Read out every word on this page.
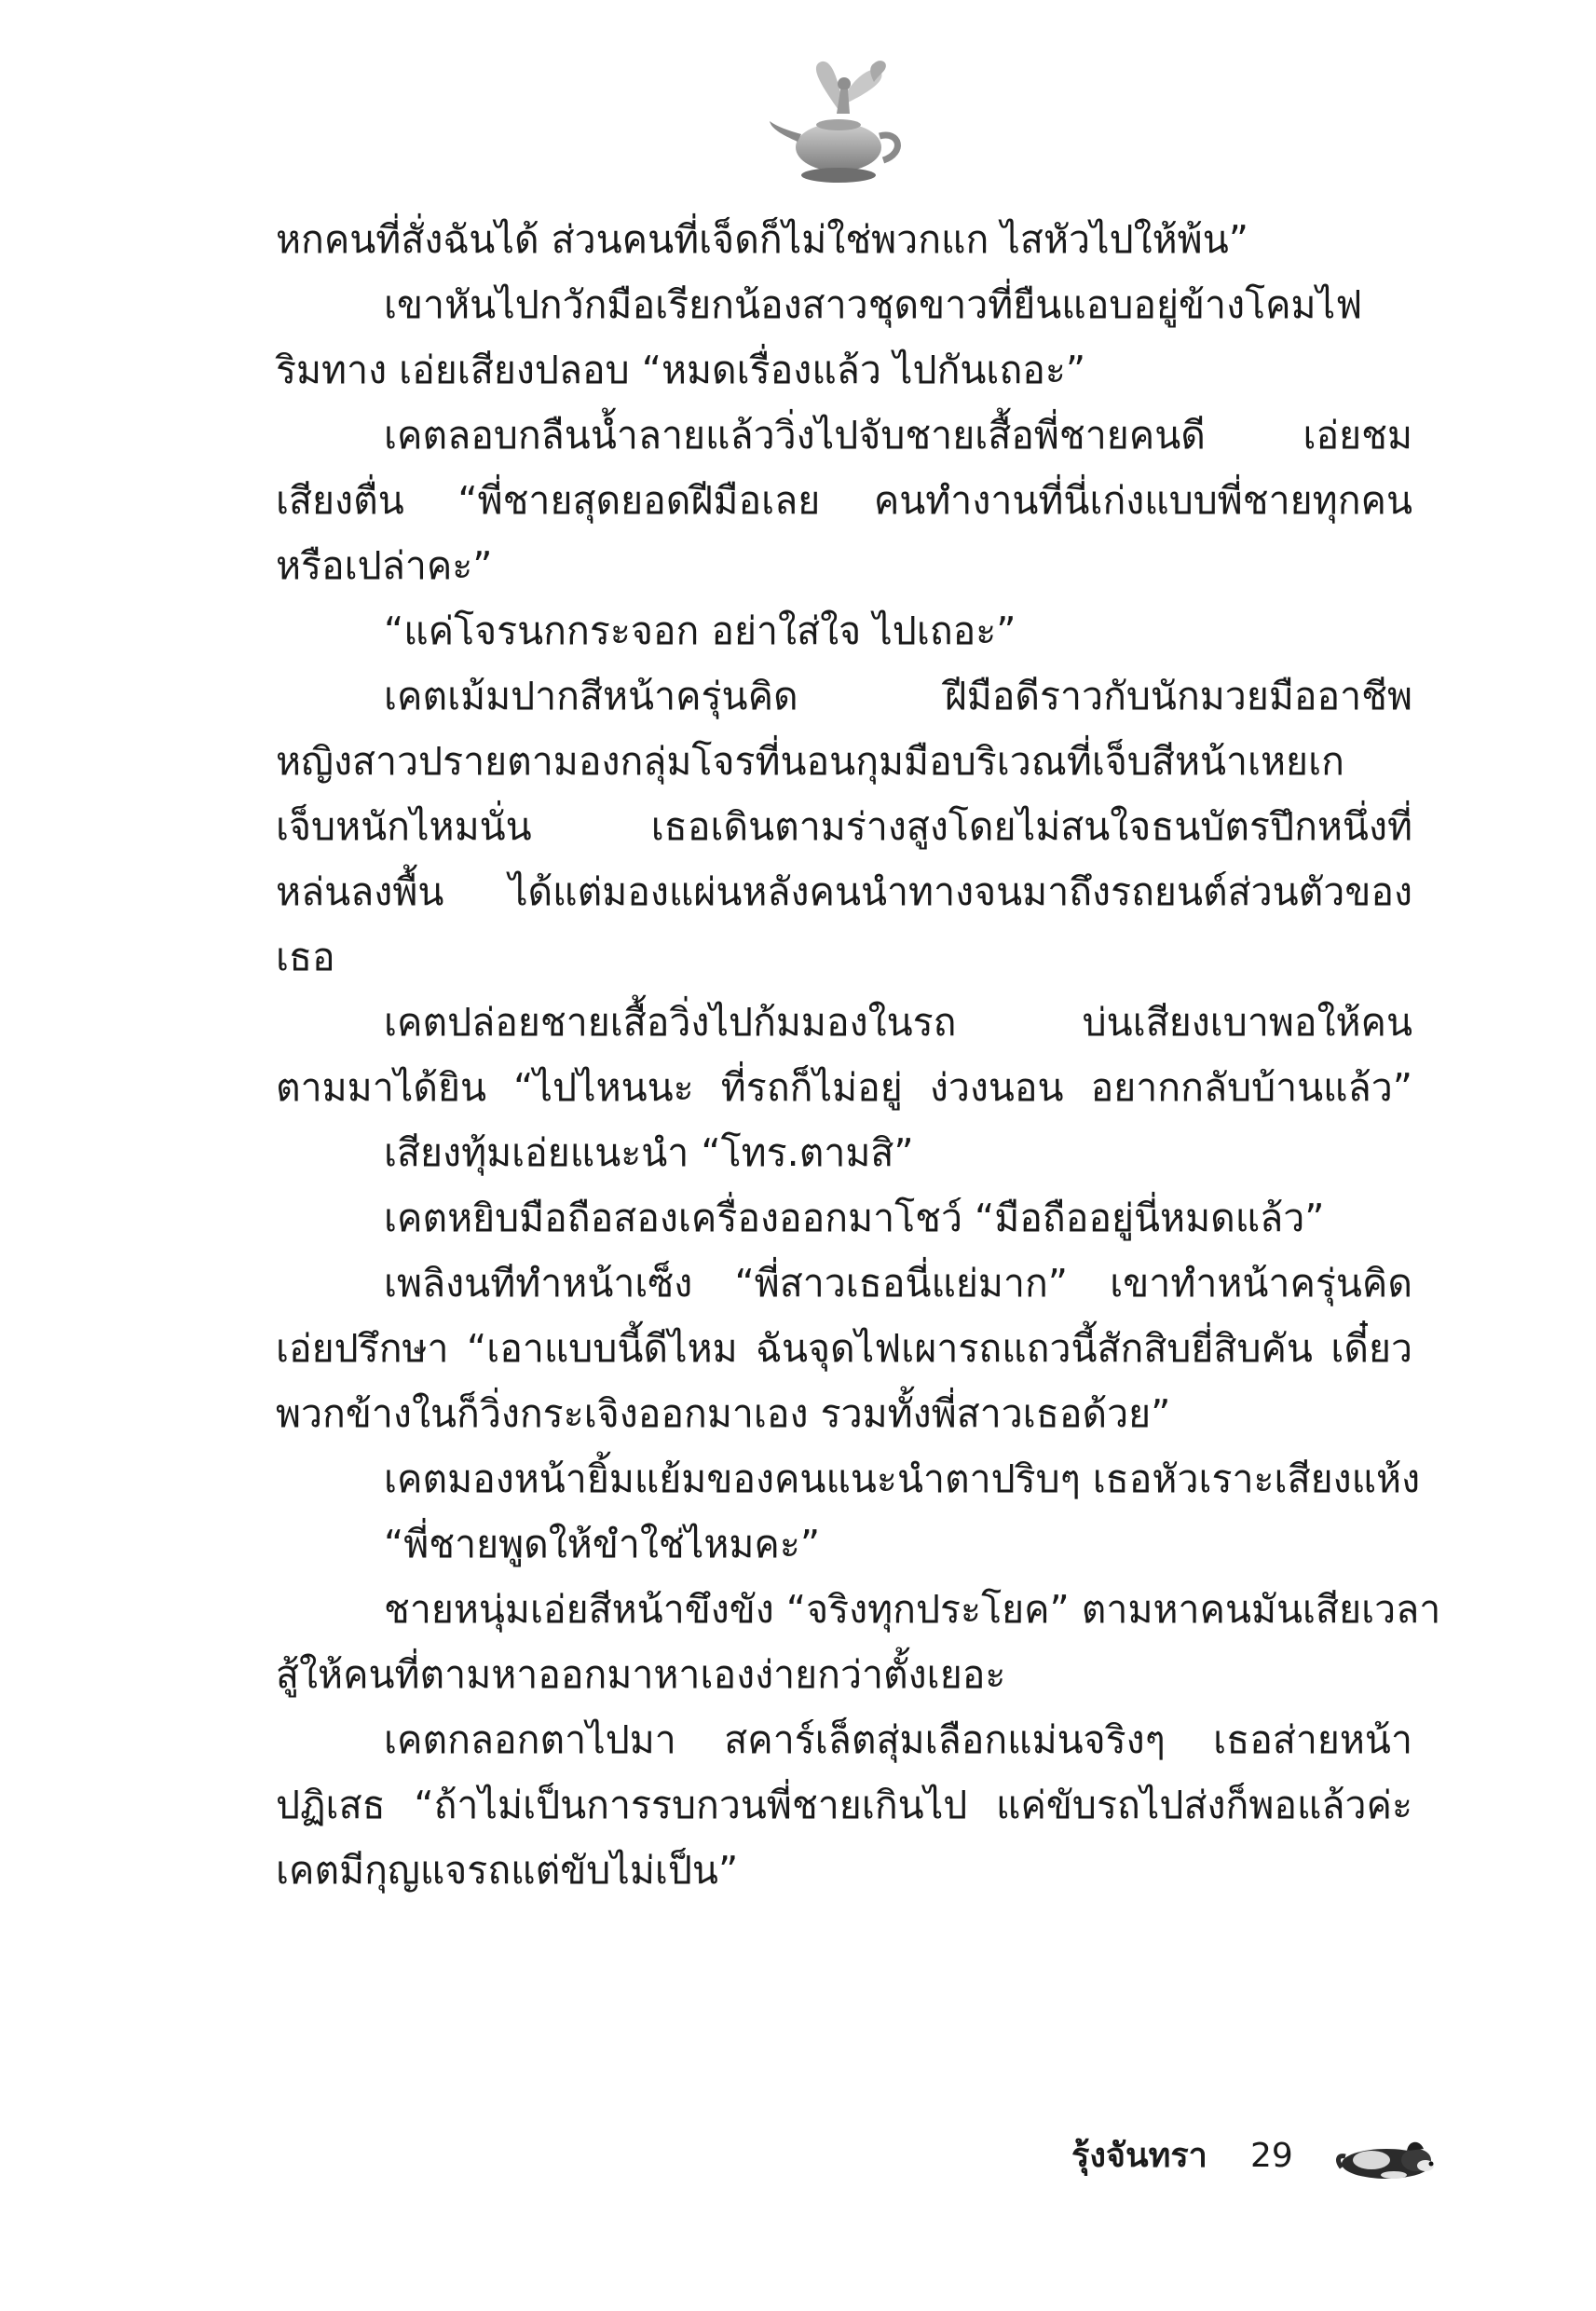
หกคนที่สั่งฉันได้ ส่วนคนที่เจ็ดก็ไม่ใช่พวกแก ไสหัวไปให้พ้น”
เขาหันไปกวักมือเรียกน้องสาวชุดขาวที่ยืนแอบอยู่ข้างโคมไฟ
ริมทาง เอ่ยเสียงปลอบ “หมดเรื่องแล้ว ไปกันเถอะ”
เคตลอบกลืนน้ำลายแล้ววิ่งไปจับชายเสื้อพี่ชายคนดี เอ่ยชม
เสียงตื่น “พี่ชายสุดยอดฝีมือเลย คนทำงานที่นี่เก่งแบบพี่ชายทุกคน
หรือเปล่าคะ”
“แค่โจรนกกระจอก อย่าใส่ใจ ไปเถอะ”
เคตเม้มปากสีหน้าครุ่นคิด ฝีมือดีราวกับนักมวยมืออาชีพ
หญิงสาวปรายตามองกลุ่มโจรที่นอนกุมมือบริเวณที่เจ็บสีหน้าเหยเก
เจ็บหนักไหมนั่น เธอเดินตามร่างสูงโดยไม่สนใจธนบัตรปึกหนึ่งที่
หล่นลงพื้น ได้แต่มองแผ่นหลังคนนำทางจนมาถึงรถยนต์ส่วนตัวของ
เธอ
เคตปล่อยชายเสื้อวิ่งไปก้มมองในรถ บ่นเสียงเบาพอให้คน
ตามมาได้ยิน “ไปไหนนะ ที่รถก็ไม่อยู่ ง่วงนอน อยากกลับบ้านแล้ว”
เสียงทุ้มเอ่ยแนะนำ “โทร.ตามสิ”
เคตหยิบมือถือสองเครื่องออกมาโชว์ “มือถืออยู่นี่หมดแล้ว”
เพลิงนทีทำหน้าเซ็ง “พี่สาวเธอนี่แย่มาก” เขาทำหน้าครุ่นคิด
เอ่ยปรึกษา “เอาแบบนี้ดีไหม ฉันจุดไฟเผารถแถวนี้สักสิบยี่สิบคัน เดี๋ยว
พวกข้างในก็วิ่งกระเจิงออกมาเอง รวมทั้งพี่สาวเธอด้วย”
เคตมองหน้ายิ้มแย้มของคนแนะนำตาปริบๆ เธอหัวเราะเสียงแห้ง
“พี่ชายพูดให้ขำใช่ไหมคะ”
ชายหนุ่มเอ่ยสีหน้าขึงขัง “จริงทุกประโยค” ตามหาคนมันเสียเวลา
สู้ให้คนที่ตามหาออกมาหาเองง่ายกว่าตั้งเยอะ
เคตกลอกตาไปมา สคาร์เล็ตสุ่มเลือกแม่นจริงๆ เธอส่ายหน้า
ปฏิเสธ “ถ้าไม่เป็นการรบกวนพี่ชายเกินไป แค่ขับรถไปส่งก็พอแล้วค่ะ
เคตมีกุญแจรถแต่ขับไม่เป็น”
รุ้งจันทรา 29
